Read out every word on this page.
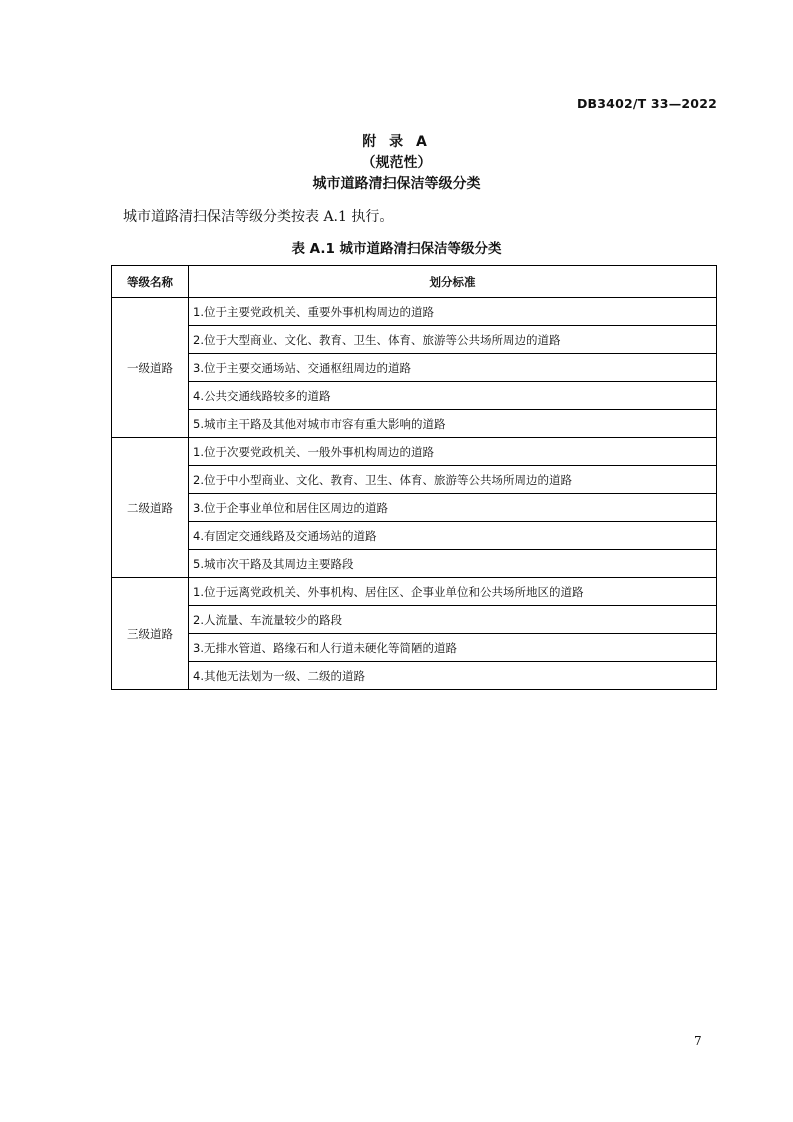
DB3402/T 33—2022
附 录 A
（规范性）
城市道路清扫保洁等级分类
城市道路清扫保洁等级分类按表 A.1 执行。
表 A.1 城市道路清扫保洁等级分类
等级名称	划分标准
一级道路	1.位于主要党政机关、重要外事机构周边的道路
	2.位于大型商业、文化、教育、卫生、体育、旅游等公共场所周边的道路
	3.位于主要交通场站、交通枢纽周边的道路
	4.公共交通线路较多的道路
	5.城市主干路及其他对城市市容有重大影响的道路
二级道路	1.位于次要党政机关、一般外事机构周边的道路
	2.位于中小型商业、文化、教育、卫生、体育、旅游等公共场所周边的道路
	3.位于企事业单位和居住区周边的道路
	4.有固定交通线路及交通场站的道路
	5.城市次干路及其周边主要路段
三级道路	1.位于远离党政机关、外事机构、居住区、企事业单位和公共场所地区的道路
	2.人流量、车流量较少的路段
	3.无排水管道、路缘石和人行道未硬化等简陋的道路
	4.其他无法划为一级、二级的道路
7
